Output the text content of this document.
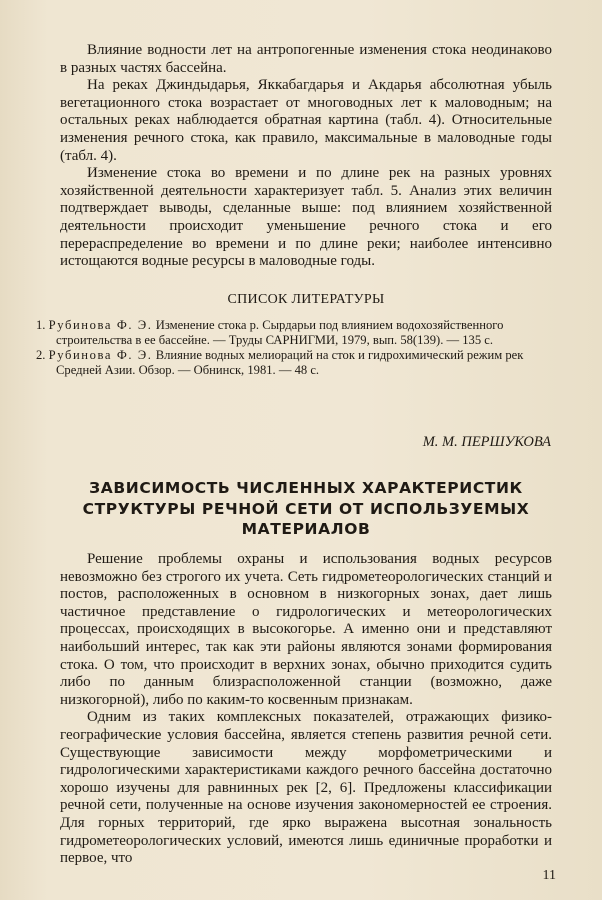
Влияние водности лет на антропогенные изменения стока неодинаково в разных частях бассейна.

На реках Джиндыдарья, Яккабагдарья и Акдарья абсолютная убыль вегетационного стока возрастает от многоводных лет к маловодным; на остальных реках наблюдается обратная картина (табл. 4). Относительные изменения речного стока, как правило, максимальные в маловодные годы (табл. 4).

Изменение стока во времени и по длине рек на разных уровнях хозяйственной деятельности характеризует табл. 5. Анализ этих величин подтверждает выводы, сделанные выше: под влиянием хозяйственной деятельности происходит уменьшение речного стока и его перераспределение во времени и по длине реки; наиболее интенсивно истощаются водные ресурсы в маловодные годы.

СПИСОК ЛИТЕРАТУРЫ

1. Рубинова Ф. Э. Изменение стока р. Сырдарьи под влиянием водохозяйственного строительства в ее бассейне. — Труды САРНИГМИ, 1979, вып. 58(139). — 135 с.

2. Рубинова Ф. Э. Влияние водных мелиораций на сток и гидрохимический режим рек Средней Азии. Обзор. — Обнинск, 1981. — 48 с.

М. М. ПЕРШУКОВА
ЗАВИСИМОСТЬ ЧИСЛЕННЫХ ХАРАКТЕРИСТИК СТРУКТУРЫ РЕЧНОЙ СЕТИ ОТ ИСПОЛЬЗУЕМЫХ МАТЕРИАЛОВ

Решение проблемы охраны и использования водных ресурсов невозможно без строгого их учета. Сеть гидрометеорологических станций и постов, расположенных в основном в низкогорных зонах, дает лишь частичное представление о гидрологических и метеорологических процессах, происходящих в высокогорье. А именно они и представляют наибольший интерес, так как эти районы являются зонами формирования стока. О том, что происходит в верхних зонах, обычно приходится судить либо по данным близрасположенной станции (возможно, даже низкогорной), либо по каким-то косвенным признакам.

Одним из таких комплексных показателей, отражающих физико-географические условия бассейна, является степень развития речной сети. Существующие зависимости между морфометрическими и гидрологическими характеристиками каждого речного бассейна достаточно хорошо изучены для равнинных рек [2, 6]. Предложены классификации речной сети, полученные на основе изучения закономерностей ее строения. Для горных территорий, где ярко выражена высотная зональность гидрометеорологических условий, имеются лишь единичные проработки и первое, что

11
